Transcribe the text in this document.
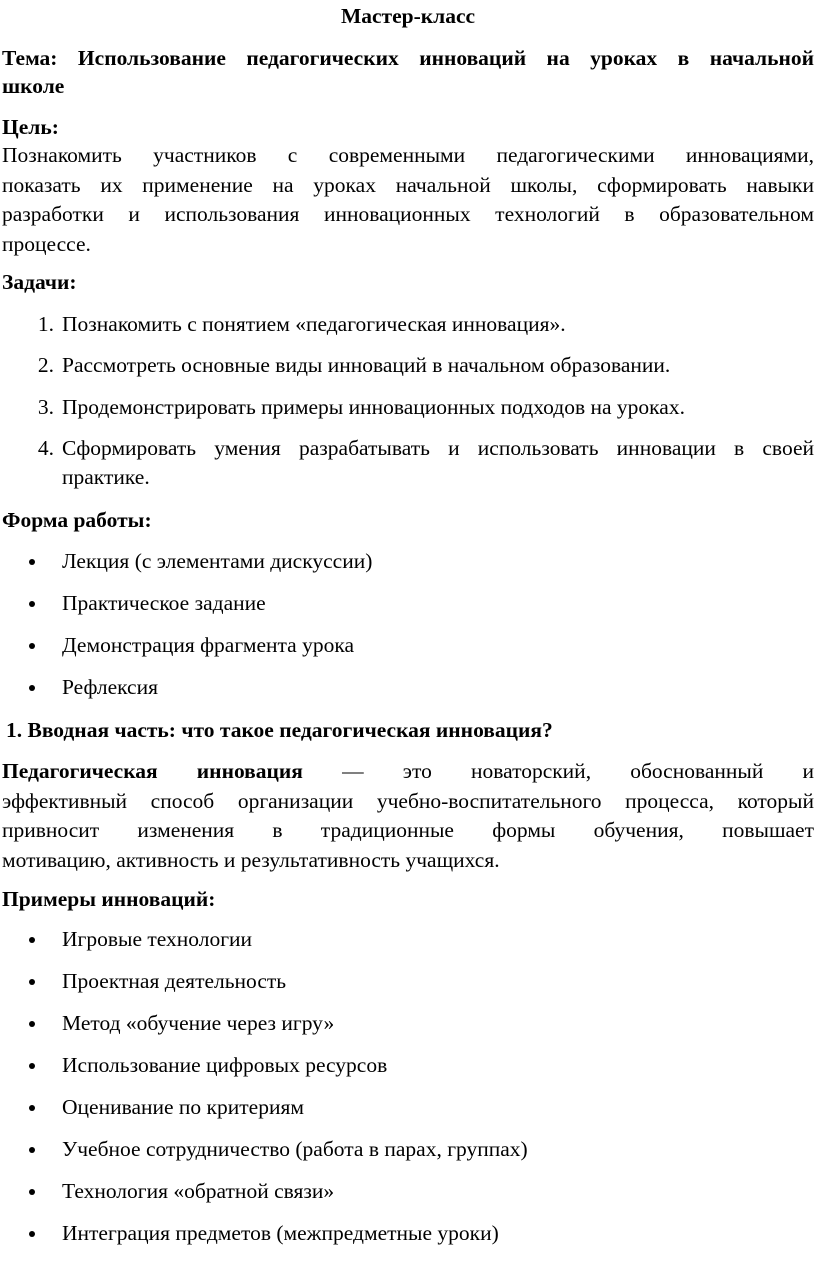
Мастер-класс

Тема: Использование педагогических инноваций на уроках в начальной
школе

Цель:

Познакомить участников с современными педагогическими инновациями,
показать их применение на уроках начальной школы, сформировать навыки
разработки и использования инновационных технологий в образовательном
процессе.

Задачи:

1. Познакомить с понятием «педагогическая инновация».
2. Рассмотреть основные виды инноваций в начальном образовании.
3. Продемонстрировать примеры инновационных подходов на уроках.
4. Сформировать умения разрабатывать и использовать инновации в своей
практике.

Форма работы:

Лекция (с элементами дискуссии)
Практическое задание
Демонстрация фрагмента урока
Рефлексия

1. Вводная часть: что такое педагогическая инновация?

Педагогическая инновация — это новаторский, обоснованный и
эффективный способ организации учебно-воспитательного процесса, который
привносит изменения в традиционные формы обучения, повышает
мотивацию, активность и результативность учащихся.

Примеры инноваций:

Игровые технологии
Проектная деятельность
Метод «обучение через игру»
Использование цифровых ресурсов
Оценивание по критериям
Учебное сотрудничество (работа в парах, группах)
Технология «обратной связи»
Интеграция предметов (межпредметные уроки)
